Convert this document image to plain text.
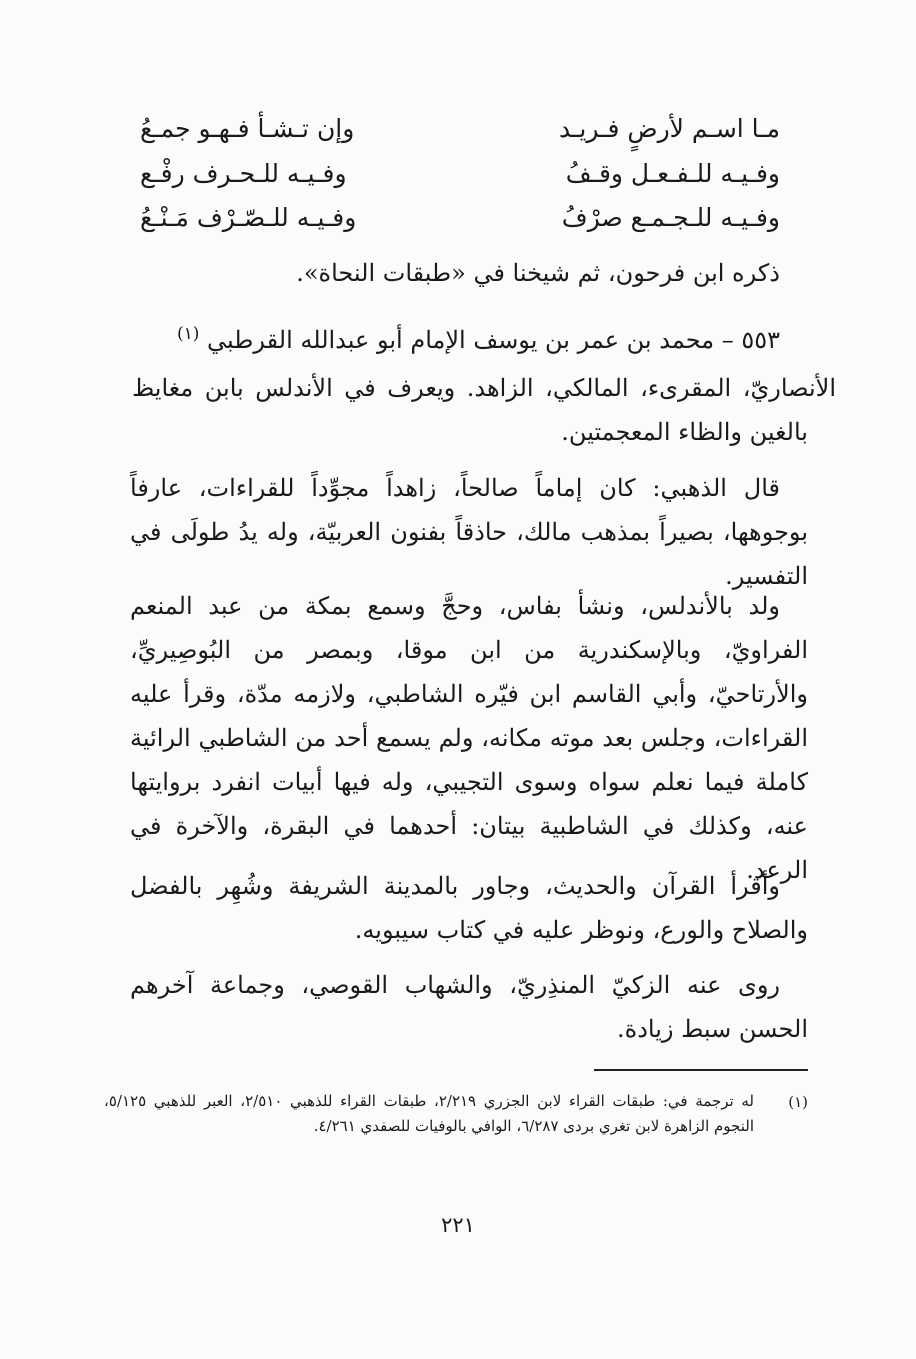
مـا اسـم لأرضٍ فـريـد
وإن تـشـأ فـهـو جمـعُ
وفـيـه للـفـعـل وقـفُ
وفـيـه للـحـرف رفْـع
وفـيـه للـجـمـع صرْفُ
وفـيـه للـصّـرْف مَـنْـعُ
ذكره ابن فرحون، ثم شيخنا في «طبقات النحاة».
٥٥٣ – محمد بن عمر بن يوسف الإمام أبو عبدالله القرطبي $^{(١)}$
الأنصاريّ، المقرىء، المالكي، الزاهد. ويعرف في الأندلس بابن مغايظ بالغين والظاء المعجمتين.
قال الذهبي: كان إماماً صالحاً، زاهداً مجوِّداً للقراءات، عارفاً بوجوهها، بصيراً بمذهب مالك، حاذقاً بفنون العربيّة، وله يدُ طولَى في التفسير.
ولد بالأندلس، ونشأ بفاس، وحجَّ وسمع بمكة من عبد المنعم الفراويّ، وبالإسكندرية من ابن موقا، وبمصر من البُوصِيريِّ، والأرتاحيّ، وأبي القاسم ابن فيّره الشاطبي، ولازمه مدّة، وقرأ عليه القراءات، وجلس بعد موته مكانه، ولم يسمع أحد من الشاطبي الرائية كاملة فيما نعلم سواه وسوى التجيبي، وله فيها أبيات انفرد بروايتها عنه، وكذلك في الشاطبية بيتان: أحدهما في البقرة، والآخرة في الرعد.
وأقرأ القرآن والحديث، وجاور بالمدينة الشريفة وشُهِر بالفضل والصلاح والورع، ونوظر عليه في كتاب سيبويه.
روى عنه الزكيّ المنذِريّ، والشهاب القوصي، وجماعة آخرهم الحسن سبط زيادة.
(١)
له ترجمة في: طبقات القراء لابن الجزري ٢/٢١٩، طبقات القراء للذهبي ٢/٥١٠، العبر للذهبي ٥/١٢٥، النجوم الزاهرة لابن تغري بردى ٦/٢٨٧، الوافي بالوفيات للصفدي ٤/٢٦١.
٢٢١
